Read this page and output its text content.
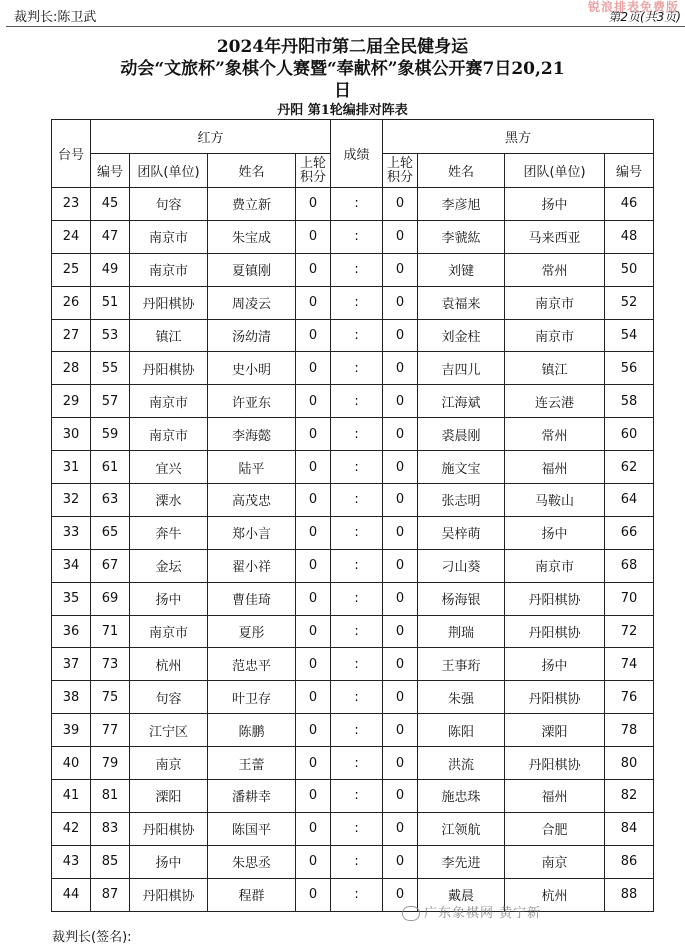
裁判长:陈卫武
锐浪排表免费版
第2页(共3页)
2024年丹阳市第二届全民健身运
动会“文旅杯”象棋个人赛暨“奉献杯”象棋公开赛7日20,21
日
丹阳 第1轮编排对阵表
台号	红方				成绩	黑方			
	编号	团队(单位)	姓名	上轮积分		上轮积分	姓名	团队(单位)	编号
23	45	句容	费立新	0	:	0	李彦旭	扬中	46
24	47	南京市	朱宝成	0	:	0	李虢紘	马来西亚	48
25	49	南京市	夏镇刚	0	:	0	刘键	常州	50
26	51	丹阳棋协	周凌云	0	:	0	袁福来	南京市	52
27	53	镇江	汤幼清	0	:	0	刘金柱	南京市	54
28	55	丹阳棋协	史小明	0	:	0	吉四儿	镇江	56
29	57	南京市	许亚东	0	:	0	江海斌	连云港	58
30	59	南京市	李海懿	0	:	0	裘晨刚	常州	60
31	61	宜兴	陆平	0	:	0	施文宝	福州	62
32	63	溧水	高茂忠	0	:	0	张志明	马鞍山	64
33	65	奔牛	郑小言	0	:	0	吴梓萌	扬中	66
34	67	金坛	翟小祥	0	:	0	刁山葵	南京市	68
35	69	扬中	曹佳琦	0	:	0	杨海银	丹阳棋协	70
36	71	南京市	夏彤	0	:	0	荆瑞	丹阳棋协	72
37	73	杭州	范忠平	0	:	0	王事珩	扬中	74
38	75	句容	叶卫存	0	:	0	朱强	丹阳棋协	76
39	77	江宁区	陈鹏	0	:	0	陈阳	溧阳	78
40	79	南京	王蕾	0	:	0	洪流	丹阳棋协	80
41	81	溧阳	潘耕幸	0	:	0	施忠珠	福州	82
42	83	丹阳棋协	陈国平	0	:	0	江领航	合肥	84
43	85	扬中	朱思丞	0	:	0	李先进	南京	86
44	87	丹阳棋协	程群	0	:	0	戴晨	杭州	88
广东象棋网 黄宁新
裁判长(签名):
